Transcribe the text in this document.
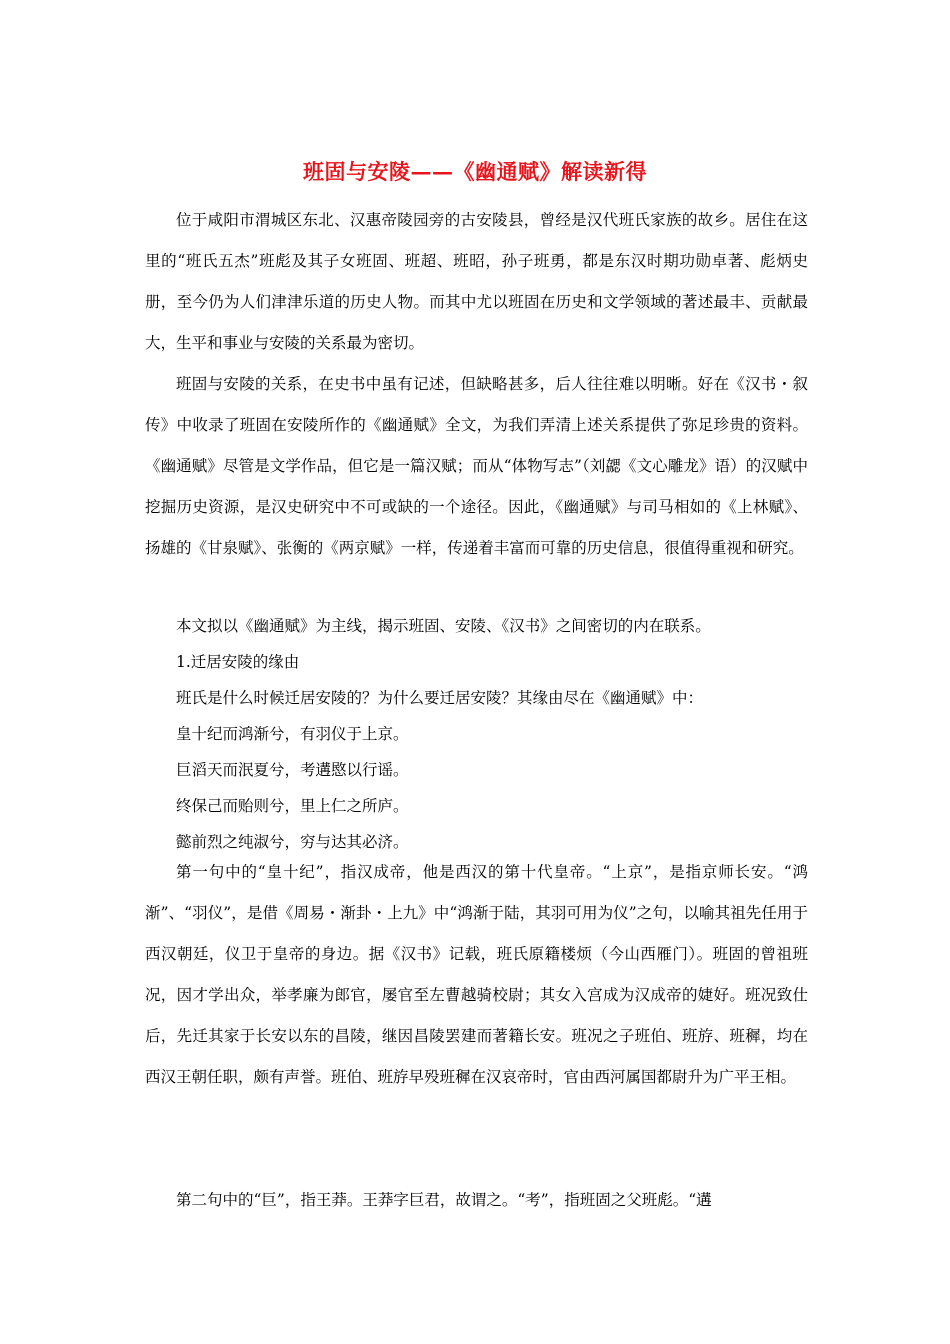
班固与安陵——《幽通赋》解读新得

位于咸阳市渭城区东北、汉惠帝陵园旁的古安陵县，曾经是汉代班氏家族的故乡。居住在这里的“班氏五杰”班彪及其子女班固、班超、班昭，孙子班勇，都是东汉时期功勋卓著、彪炳史册，至今仍为人们津津乐道的历史人物。而其中尤以班固在历史和文学领域的著述最丰、贡献最大，生平和事业与安陵的关系最为密切。

班固与安陵的关系，在史书中虽有记述，但缺略甚多，后人往往难以明晰。好在《汉书・叙传》中收录了班固在安陵所作的《幽通赋》全文，为我们弄清上述关系提供了弥足珍贵的资料。《幽通赋》尽管是文学作品，但它是一篇汉赋；而从“体物写志”（刘勰《文心雕龙》语）的汉赋中挖掘历史资源，是汉史研究中不可或缺的一个途径。因此，《幽通赋》与司马相如的《上林赋》、扬雄的《甘泉赋》、张衡的《两京赋》一样，传递着丰富而可靠的历史信息，很值得重视和研究。

本文拟以《幽通赋》为主线，揭示班固、安陵、《汉书》之间密切的内在联系。

1.迁居安陵的缘由

班氏是什么时候迁居安陵的？为什么要迁居安陵？其缘由尽在《幽通赋》中：

皇十纪而鸿渐兮，有羽仪于上京。

巨滔天而泯夏兮，考遘愍以行谣。

终保己而贻则兮，里上仁之所庐。

懿前烈之纯淑兮，穷与达其必济。

第一句中的“皇十纪”，指汉成帝，他是西汉的第十代皇帝。“上京”，是指京师长安。“鸿渐”、“羽仪”，是借《周易・渐卦・上九》中“鸿渐于陆，其羽可用为仪”之句，以喻其祖先任用于西汉朝廷，仪卫于皇帝的身边。据《汉书》记载，班氏原籍楼烦（今山西雁门）。班固的曾祖班况，因才学出众，举孝廉为郎官，屡官至左曹越骑校尉；其女入宫成为汉成帝的婕好。班况致仕后，先迁其家于长安以东的昌陵，继因昌陵罢建而著籍长安。班况之子班伯、班斿、班穉，均在西汉王朝任职，颇有声誉。班伯、班斿早殁班穉在汉哀帝时，官由西河属国都尉升为广平王相。

第二句中的“巨”，指王莽。王莽字巨君，故谓之。“考”，指班固之父班彪。“遘
